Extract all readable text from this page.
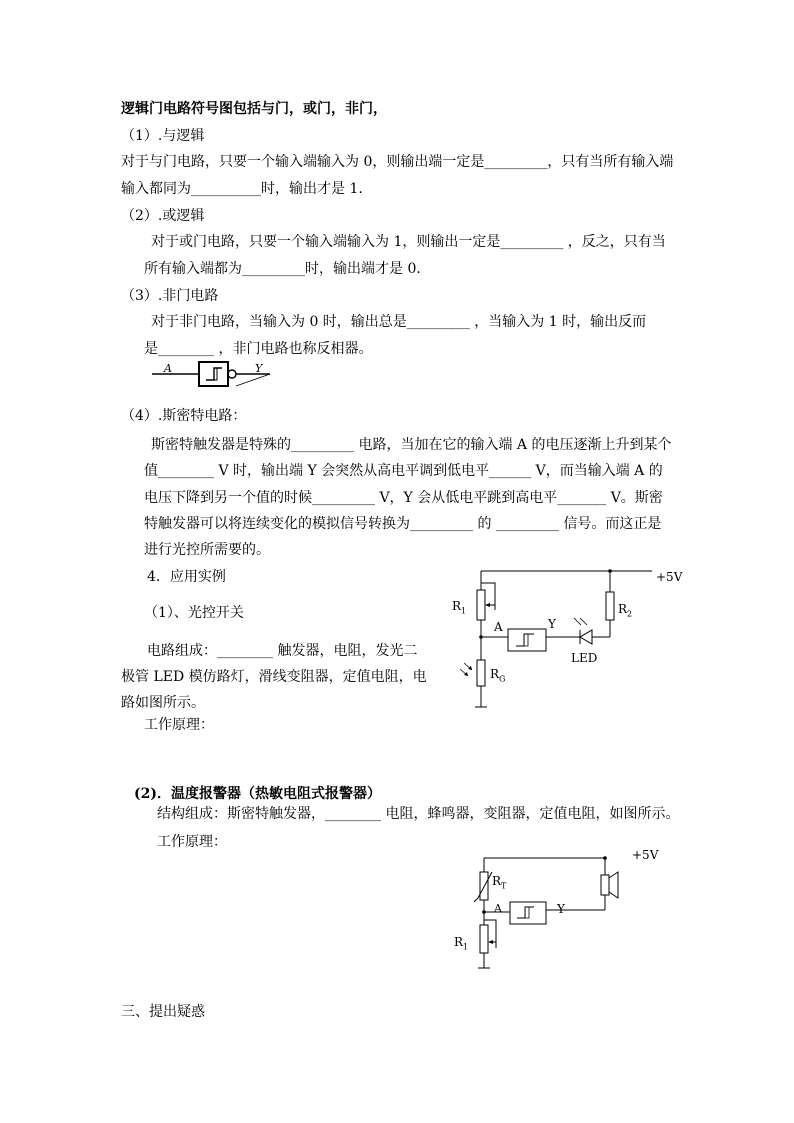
逻辑门电路符号图包括与门，或门，非门，
（1）.与逻辑
对于与门电路，只要一个输入端输入为 0，则输出端一定是_________，只有当所有输入端
输入都同为__________时，输出才是 1.
（2）.或逻辑
对于或门电路，只要一个输入端输入为 1，则输出一定是_________ ，反之，只有当
所有输入端都为_________时，输出端才是 0.
（3）.非门电路
对于非门电路，当输入为 0 时，输出总是_________ ，当输入为 1 时，输出反而
是________ ，非门电路也称反相器。
A	Y
（4）.斯密特电路：
斯密特触发器是特殊的_________ 电路，当加在它的输入端 A 的电压逐渐上升到某个
值________ V 时，输出端 Y 会突然从高电平调到低电平______ V，而当输入端 A 的
电压下降到另一个值的时候_________ V，Y 会从低电平跳到高电平_______ V。斯密
特触发器可以将连续变化的模拟信号转换为_________ 的 _________ 信号。而这正是
进行光控所需要的。
4．应用实例
（1）、光控开关
电路组成：________ 触发器，电阻，发光二
极管 LED 模仿路灯，滑线变阻器，定值电阻，电
路如图所示。
工作原理：
+5V
$R_1$	$R_2$
A	Y
LED
$R_G$
(2)．温度报警器（热敏电阻式报警器）
结构组成：斯密特触发器，________ 电阻，蜂鸣器，变阻器，定值电阻，如图所示。
工作原理：
+5V
$R_T$
A	Y
$R_1$
三、提出疑惑
